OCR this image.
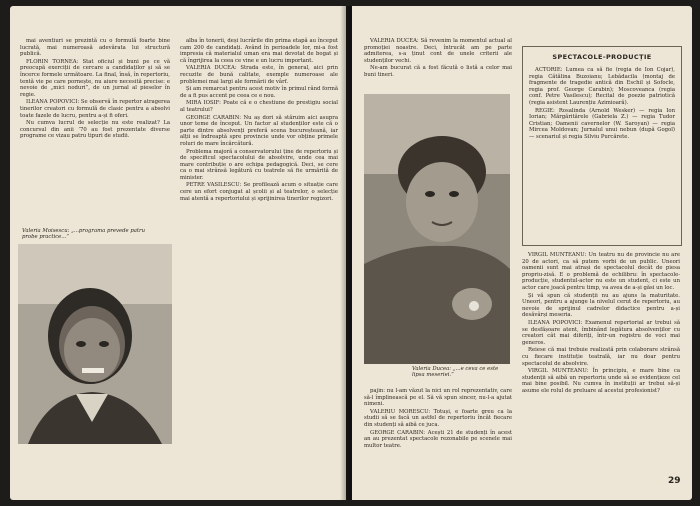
mai aventiuri se prezintă cu o formulă foarte bine lucrată, mai numeroasă adevărata lui structură publică.

FLORIN TORNEA: Stat oficiul și buni pe ce vă preocupă exerciții de cercare a candidaților și să se încerce formele următoare. La final, însă, în repertoriu, tentă vie pe care pornește, nu aiure necesită precise: e nevoie de „mici noduri”, de un jurnal al pieselor în regie.

ILEANA POPOVICI: Se observă în repertor atragerea tinerilor creatori cu formulă de clasic pentru a absolvi toate fazele de lucru, pentru a-și fi oferi.

Nu cumva lucrul de selecție nu este realizat? La concursul din anii ’70 au fost prezentate diverse programe ce vizau patru tipuri de studii.

Valeria Moisescu: „...programa prevede patru probe practice...”

alba în tonerii, deși lucrările din prima etapă au început cam 200 de candidați. Având în perioadele lor, mi-a fost impresia că materialul uman era mai devotat de bogat și că îngrijirea la ceea ce vine e un lucru important.

VALERIA DUCEA: Strada este, în general, aici prin recuzite de bună calitate, exemple numeroase ale problemei mai largi ale formării de vârf.

Și am remarcat pentru acest motiv în primul rând formă de a fi pus accent pe ceea ce e nou.

MIRA IOSIF: Poate că e o chestiune de prestigiu social al teatrului?

GEORGE CARABIN: Nu aș dori să stăruim aici asupra unor teme de început. Un factor al studenților este că o parte dintre absolvenți preferă scena bucureșteană, iar alții se îndreaptă spre provincie unde vor obține primele roluri de mare încărcătură.

Problema majoră a conservatorului ține de repertoriu și de specificul spectacolului de absolvire, unde cea mai mare contribuție o are echipa pedagogică. Deci, se cere ca o mai strânsă legătură cu teatrele să fie urmărită de minister.

PETRE VASILESCU: Se profilează acum o situație care cere un efort conjugat al școlii și al teatrelor, o selecție mai atentă a repertoriului și sprijinirea tinerilor regizori.

VALERIA DUCEA: Să revenim la momentul actual al promoției noastre. Deci, întrucât am pe parte admiterea, s-a ținut cont de unele criterii ale studenților vechi.

Ne-am bucurat că a fost făcută o listă a celor mai buni tineri.

Valeria Ducea: „...e ceva ce este lipsa meseriei.”

pajin: nu l-am văzut la nici un rol reprezentativ, care să-l împlinească pe el. Să vă spun sincer, nu-l-a ajutat nimeni.

VALERIU MORESCU: Totuși, e foarte greu ca la studii să se facă un astfel de repertoriu încât fiecare din studenți să aibă ce juca.

GEORGE CARABIN: Acești 21 de studenți în acest an au prezentat spectacole rezonabile pe scenele mai multor teatre.

SPECTACOLE-PRODUCȚIE

ACTORIE: Lumea ca să fie (regia de Ion Cojar), regia Cătălina Buzoianu; Lebădacila (montaj de fragmente de tragedie antică din Eschil și Sofocle, regia prof. George Carabin); Moscoveanca (regia conf. Petre Vasilescu); Recital de poezie patriotică (regia asistent Laurențiu Azimioară).

REGIE: Rosalinda (Arnold Wesker) — regia Ion Iorian; Mărgăritărele (Gabriela Z.) — regia Tudor Cristian; Oamenii cavernelor (W. Saroyan) — regia Mircea Moldovan; Jurnalul unui nebun (după Gogol) — scenariul și regia Silviu Purcărete.

VIRGIL MUNTEANU: Un teatru nu de provincie nu are 20 de actori, ca să putem vorbi de un public. Uneori oamenii sunt mai atrași de spectacolul decât de piesa propriu-zisă. E o problemă de echilibru: în spectacole-producție, studentul-actor nu este un student, ci este un actor care joacă pentru timp, va avea de a-și găsi un loc.

Și vă spun că studenții nu au ajuns la maturitate. Uneori, pentru a ajunge la nivelul cerut de repertoriu, au nevoie de sprijinul cadrelor didactice pentru a-și desăvârși meseria.

ILEANA POPOVICI: Examenul repertorial ar trebui să se desfășoare atent, îmbinând legătura absolvenților cu creatori cât mai diferiți, într-un registru de voci mai generos.

Reiese că mai trebuie realizată prin colaborare strânsă cu fiecare instituție teatrală, iar nu doar pentru spectacolul de absolvire.

VIRGIL MUNTEANU: În principiu, e mare bine ca studenții să aibă un repertoriu unde să se evidențieze cel mai bine posibil. Nu cumva în instituții ar trebui să-și asume ele rolul de preluare al acestui profesionist?

29
